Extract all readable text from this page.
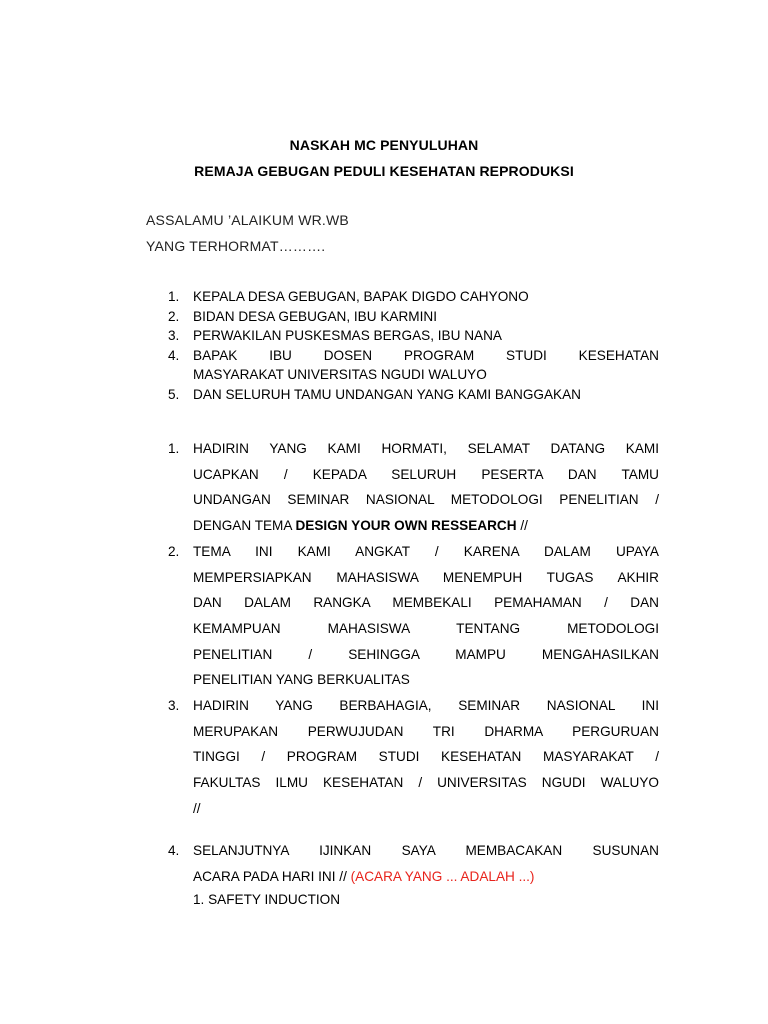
NASKAH MC PENYULUHAN
REMAJA GEBUGAN PEDULI KESEHATAN REPRODUKSI
ASSALAMU ’ALAIKUM WR.WB
YANG TERHORMAT……….
1.	KEPALA DESA GEBUGAN, BAPAK DIGDO CAHYONO
2.	BIDAN DESA GEBUGAN, IBU KARMINI
3.	PERWAKILAN PUSKESMAS BERGAS, IBU NANA
4.	BAPAK IBU DOSEN PROGRAM STUDI KESEHATAN
MASYARAKAT UNIVERSITAS NGUDI WALUYO
5.	DAN SELURUH TAMU UNDANGAN YANG KAMI BANGGAKAN
1.	HADIRIN YANG KAMI HORMATI, SELAMAT DATANG KAMI
UCAPKAN / KEPADA SELURUH PESERTA DAN TAMU
UNDANGAN SEMINAR NASIONAL METODOLOGI PENELITIAN /
DENGAN TEMA DESIGN YOUR OWN RESSEARCH //
2.	TEMA INI KAMI ANGKAT / KARENA DALAM UPAYA
MEMPERSIAPKAN MAHASISWA MENEMPUH TUGAS AKHIR
DAN DALAM RANGKA MEMBEKALI PEMAHAMAN / DAN
KEMAMPUAN MAHASISWA TENTANG METODOLOGI
PENELITIAN / SEHINGGA MAMPU MENGAHASILKAN
PENELITIAN YANG BERKUALITAS
3.	HADIRIN YANG BERBAHAGIA, SEMINAR NASIONAL INI
MERUPAKAN PERWUJUDAN TRI DHARMA PERGURUAN
TINGGI / PROGRAM STUDI KESEHATAN MASYARAKAT /
FAKULTAS ILMU KESEHATAN / UNIVERSITAS NGUDI WALUYO
//
4.	SELANJUTNYA IJINKAN SAYA MEMBACAKAN SUSUNAN
ACARA PADA HARI INI // (ACARA YANG ... ADALAH ...)
1. SAFETY INDUCTION
